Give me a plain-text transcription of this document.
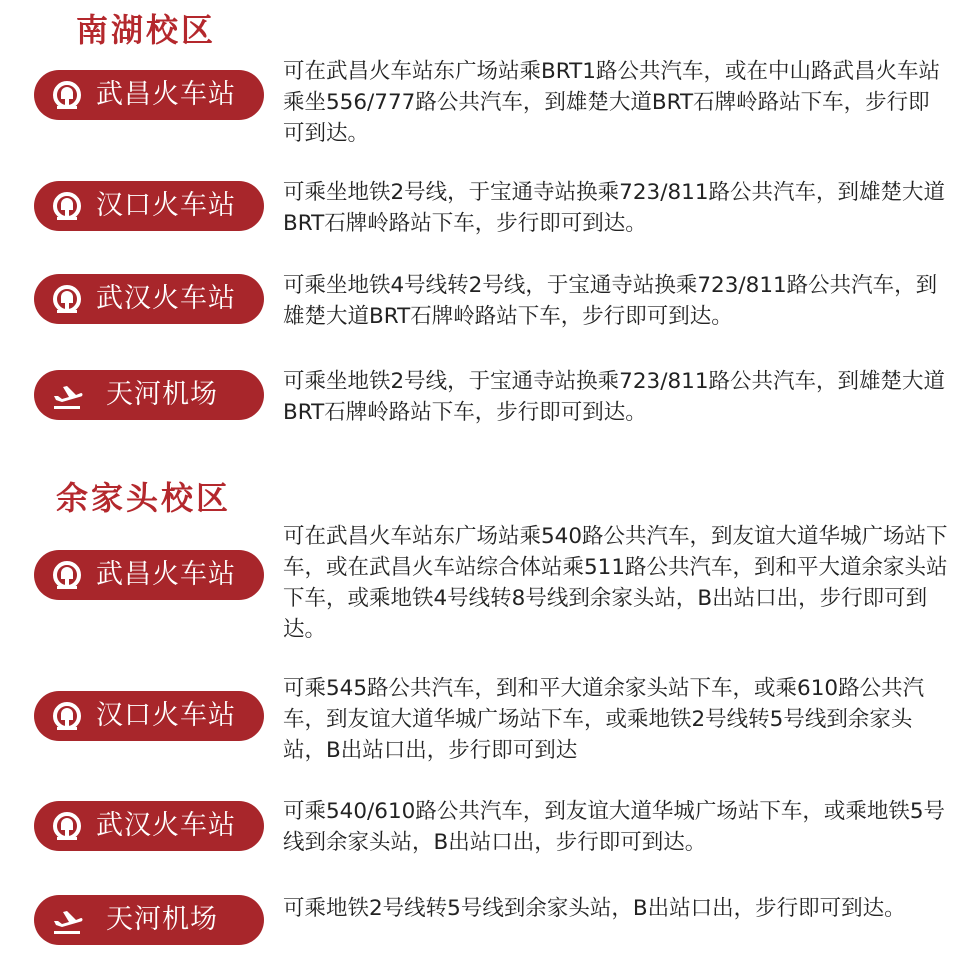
南湖校区
武昌火车站

可在武昌火车站东广场站乘BRT1路公共汽车，或在中山路武昌火车站乘坐556/777路公共汽车，到雄楚大道BRT石牌岭路站下车，步行即可到达。

汉口火车站 可乘坐地铁2号线，于宝通寺站换乘723/811路公共汽车，到雄楚大道BRT石牌岭路站下车，步行即可到达。

武汉火车站 可乘坐地铁4号线转2号线，于宝通寺站换乘723/811路公共汽车，到雄楚大道BRT石牌岭路站下车，步行即可到达。

天河机场	可乘坐地铁2号线，于宝通寺站换乘723/811路公共汽车，到雄楚大道BRT石牌岭路站下车，步行即可到达。

余家头校区
武昌火车站

可在武昌火车站东广场站乘540路公共汽车，到友谊大道华城广场站下车，或在武昌火车站综合体站乘511路公共汽车，到和平大道余家头站下车，或乘地铁4号线转8号线到余家头站，B出站口出，步行即可到达。

汉口火车站

可乘545路公共汽车，到和平大道余家头站下车，或乘610路公共汽车，到友谊大道华城广场站下车，或乘地铁2号线转5号线到余家头站，B出站口出，步行即可到达

武汉火车站 可乘540/610路公共汽车，到友谊大道华城广场站下车，或乘地铁5号线到余家头站，B出站口出，步行即可到达。

天河机场	可乘地铁2号线转5号线到余家头站，B出站口出，步行即可到达。
